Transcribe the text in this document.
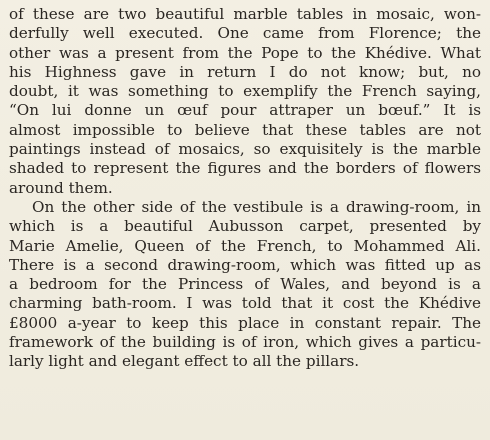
of these are two beautiful marble tables in mosaic, won-
derfully well executed. One came from Florence; the
other was a present from the Pope to the Khédive. What
his Highness gave in return I do not know; but, no
doubt, it was something to exemplify the French saying,
“On lui donne un œuf pour attraper un bœuf.” It is
almost impossible to believe that these tables are not
paintings instead of mosaics, so exquisitely is the marble
shaded to represent the figures and the borders of flowers
around them.

On the other side of the vestibule is a drawing-room, in
which is a beautiful Aubusson carpet, presented by
Marie Amelie, Queen of the French, to Mohammed Ali.
There is a second drawing-room, which was fitted up as
a bedroom for the Princess of Wales, and beyond is a
charming bath-room. I was told that it cost the Khédive
£8000 a-year to keep this place in constant repair. The
framework of the building is of iron, which gives a particu-
larly light and elegant effect to all the pillars.
